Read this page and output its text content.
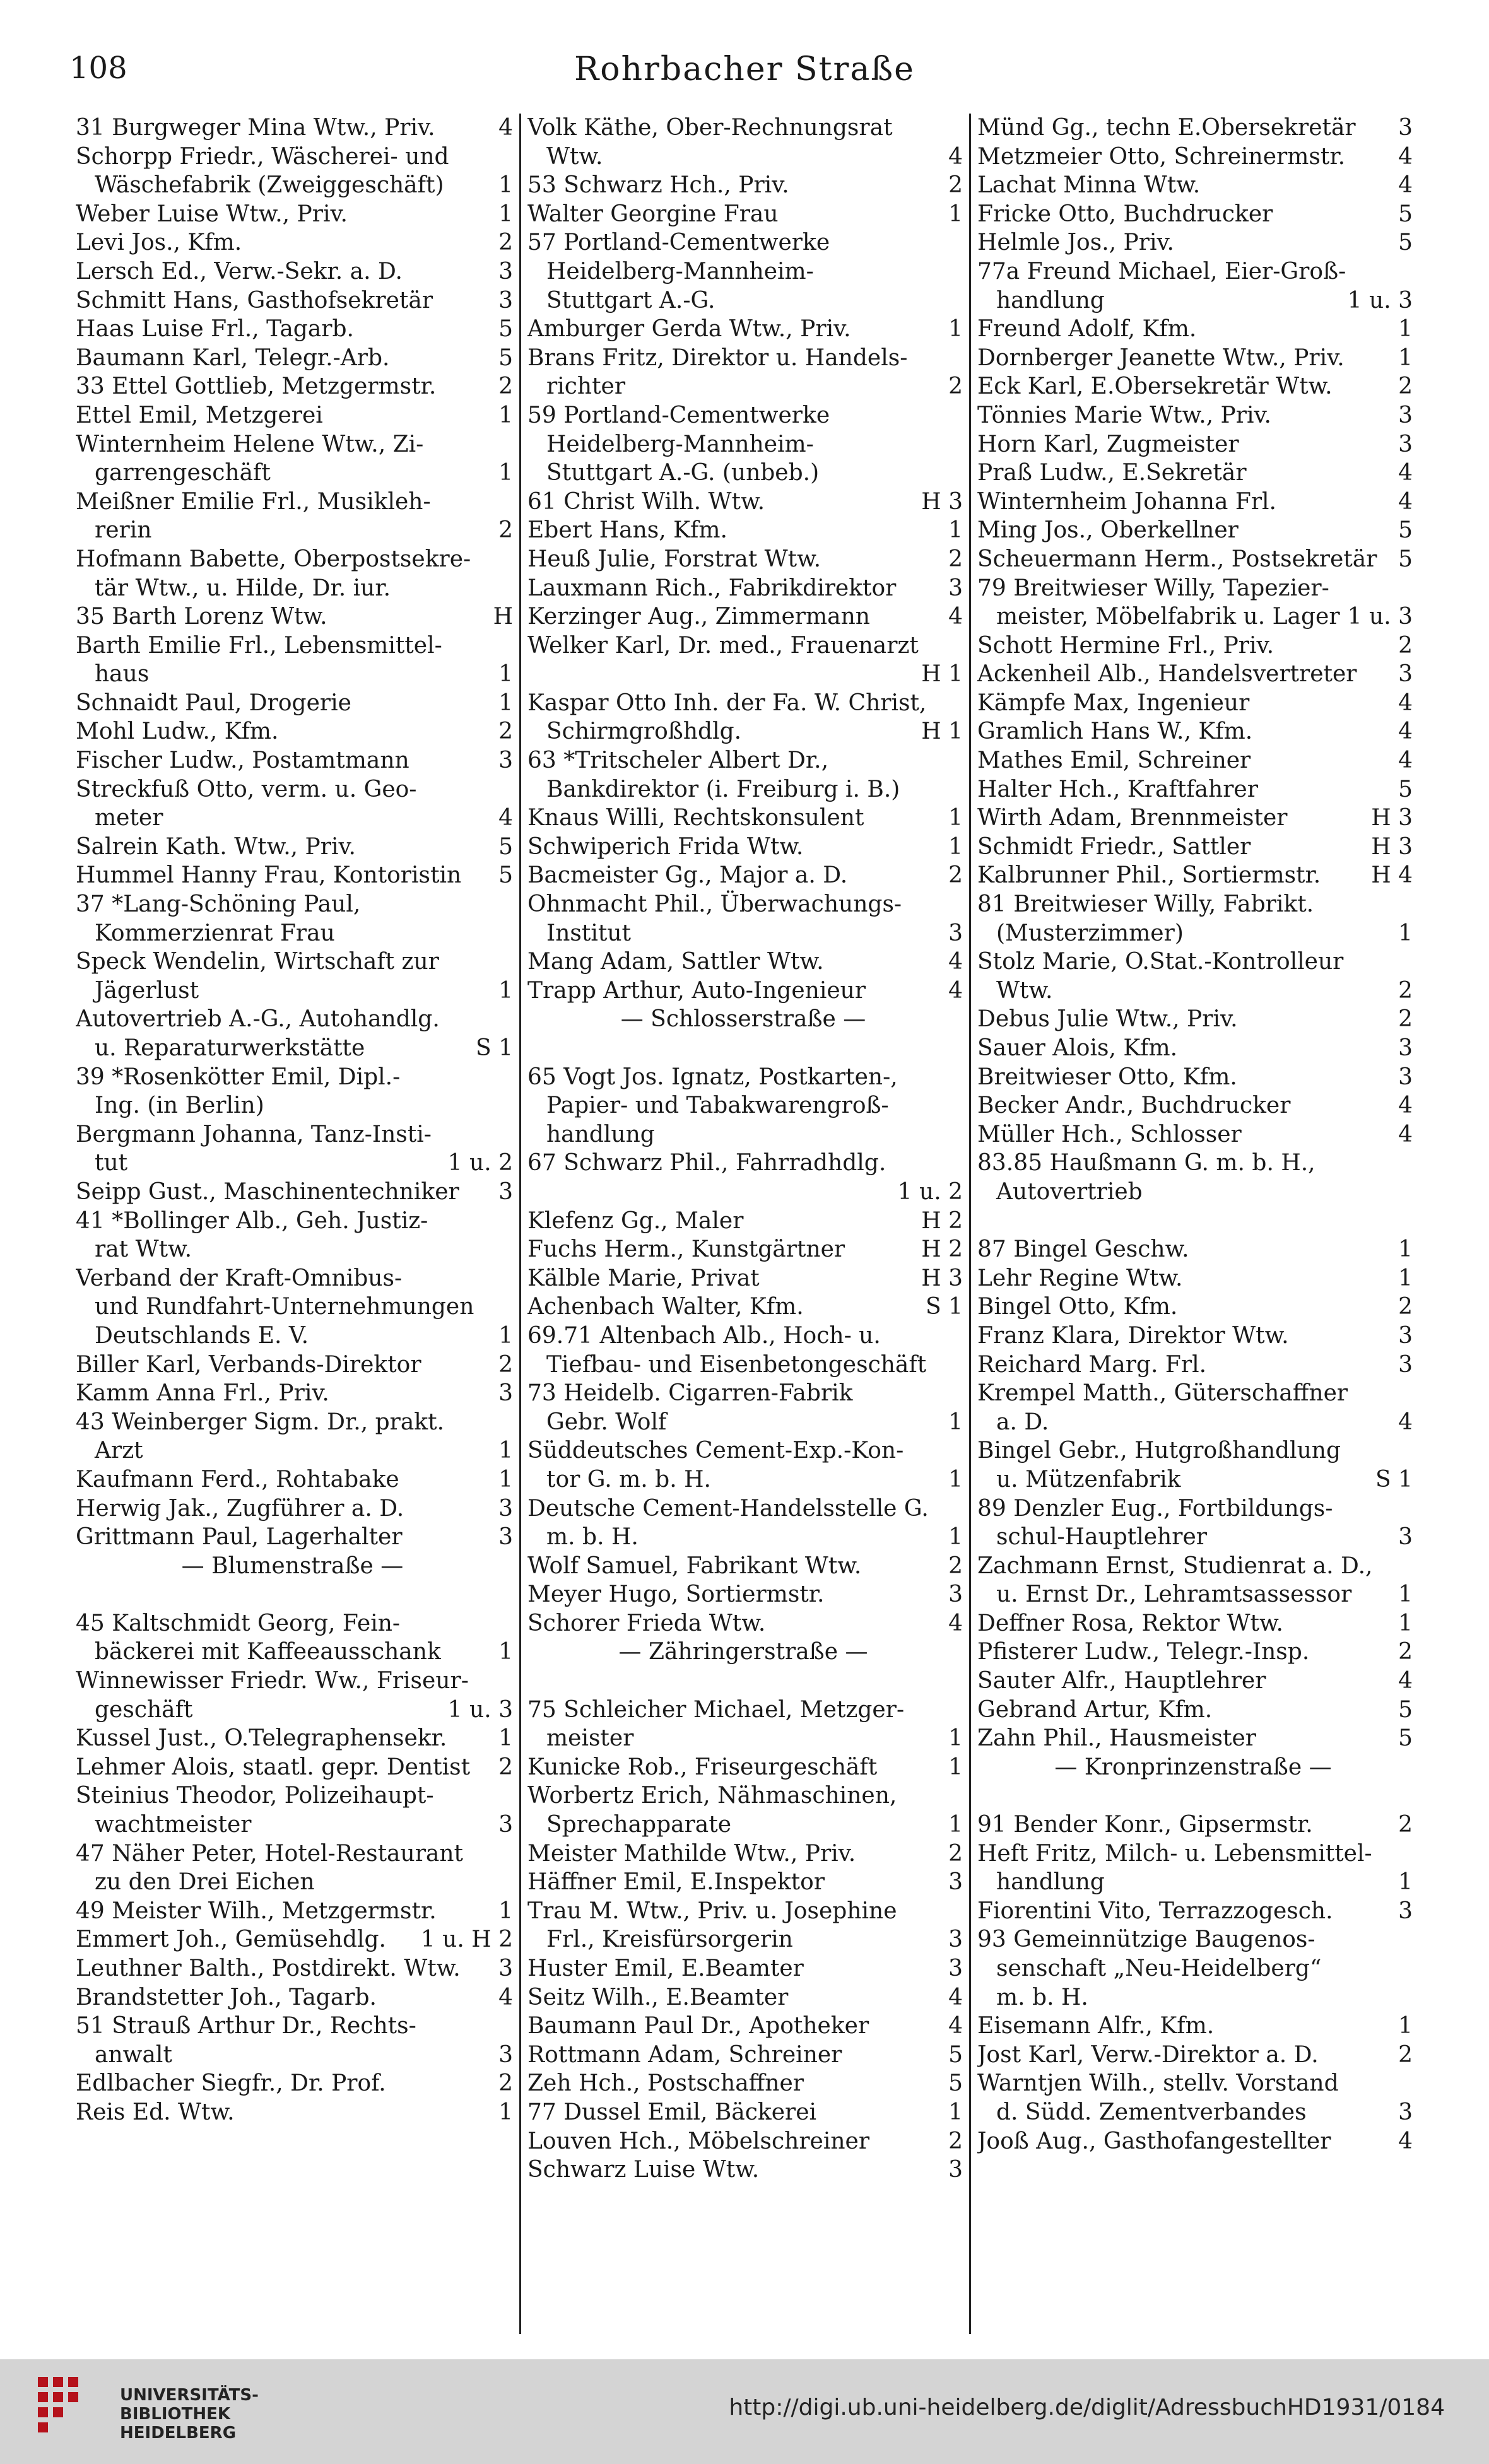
108	Rohrbacher Straße
31 Burgweger Mina Wtw., Priv.	4
Schorpp Friedr., Wäscherei- und
Wäschefabrik (Zweiggeschäft)	1
Weber Luise Wtw., Priv.	1
Levi Jos., Kfm.	2
Lersch Ed., Verw.-Sekr. a. D.	3
Schmitt Hans, Gasthofsekretär	3
Haas Luise Frl., Tagarb.	5
Baumann Karl, Telegr.-Arb.	5
33 Ettel Gottlieb, Metzgermstr.	2
Ettel Emil, Metzgerei	1
Winternheim Helene Wtw., Zi-
garrengeschäft	1
Meißner Emilie Frl., Musikleh-
rerin	2
Hofmann Babette, Oberpostsekre-
tär Wtw., u. Hilde, Dr. iur.
35 Barth Lorenz Wtw.	H
Barth Emilie Frl., Lebensmittel-
haus	1
Schnaidt Paul, Drogerie	1
Mohl Ludw., Kfm.	2
Fischer Ludw., Postamtmann	3
Streckfuß Otto, verm. u. Geo-
meter	4
Salrein Kath. Wtw., Priv.	5
Hummel Hanny Frau, Kontoristin	5
37 *Lang-Schöning Paul,
Kommerzienrat Frau
Speck Wendelin, Wirtschaft zur
Jägerlust	1
Autovertrieb A.-G., Autohandlg.
u. Reparaturwerkstätte	S 1
39 *Rosenkötter Emil, Dipl.-
Ing. (in Berlin)
Bergmann Johanna, Tanz-Insti-
tut	1 u. 2
Seipp Gust., Maschinentechniker	3
41 *Bollinger Alb., Geh. Justiz-
rat Wtw.
Verband der Kraft-Omnibus-
und Rundfahrt-Unternehmungen
Deutschlands E. V.	1
Biller Karl, Verbands-Direktor	2
Kamm Anna Frl., Priv.	3
43 Weinberger Sigm. Dr., prakt.
Arzt	1
Kaufmann Ferd., Rohtabake	1
Herwig Jak., Zugführer a. D.	3
Grittmann Paul, Lagerhalter	3
— Blumenstraße —
45 Kaltschmidt Georg, Fein-
bäckerei mit Kaffeeausschank	1
Winnewisser Friedr. Ww., Friseur-
geschäft	1 u. 3
Kussel Just., O.Telegraphensekr.	1
Lehmer Alois, staatl. gepr. Dentist	2
Steinius Theodor, Polizeihaupt-
wachtmeister	3
47 Näher Peter, Hotel-Restaurant
zu den Drei Eichen
49 Meister Wilh., Metzgermstr.	1
Emmert Joh., Gemüsehdlg.	1 u. H 2
Leuthner Balth., Postdirekt. Wtw.	3
Brandstetter Joh., Tagarb.	4
51 Strauß Arthur Dr., Rechts-
anwalt	3
Edlbacher Siegfr., Dr. Prof.	2
Reis Ed. Wtw.	1
Volk Käthe, Ober-Rechnungsrat
Wtw.	4
53 Schwarz Hch., Priv.	2
Walter Georgine Frau	1
57 Portland-Cementwerke
Heidelberg-Mannheim-
Stuttgart A.-G.
Amburger Gerda Wtw., Priv.	1
Brans Fritz, Direktor u. Handels-
richter	2
59 Portland-Cementwerke
Heidelberg-Mannheim-
Stuttgart A.-G. (unbeb.)
61 Christ Wilh. Wtw.	H 3
Ebert Hans, Kfm.	1
Heuß Julie, Forstrat Wtw.	2
Lauxmann Rich., Fabrikdirektor	3
Kerzinger Aug., Zimmermann	4
Welker Karl, Dr. med., Frauenarzt
H 1
Kaspar Otto Inh. der Fa. W. Christ,
Schirmgroßhdlg.	H 1
63 *Tritscheler Albert Dr.,
Bankdirektor (i. Freiburg i. B.)
Knaus Willi, Rechtskonsulent	1
Schwiperich Frida Wtw.	1
Bacmeister Gg., Major a. D.	2
Ohnmacht Phil., Überwachungs-
Institut	3
Mang Adam, Sattler Wtw.	4
Trapp Arthur, Auto-Ingenieur	4
— Schlosserstraße —
65 Vogt Jos. Ignatz, Postkarten-,
Papier- und Tabakwarengroß-
handlung
67 Schwarz Phil., Fahrradhdlg.
1 u. 2
Klefenz Gg., Maler	H 2
Fuchs Herm., Kunstgärtner	H 2
Kälble Marie, Privat	H 3
Achenbach Walter, Kfm.	S 1
69.71 Altenbach Alb., Hoch- u.
Tiefbau- und Eisenbetongeschäft
73 Heidelb. Cigarren-Fabrik
Gebr. Wolf	1
Süddeutsches Cement-Exp.-Kon-
tor G. m. b. H.	1
Deutsche Cement-Handelsstelle G.
m. b. H.	1
Wolf Samuel, Fabrikant Wtw.	2
Meyer Hugo, Sortiermstr.	3
Schorer Frieda Wtw.	4
— Zähringerstraße —
75 Schleicher Michael, Metzger-
meister	1
Kunicke Rob., Friseurgeschäft	1
Worbertz Erich, Nähmaschinen,
Sprechapparate	1
Meister Mathilde Wtw., Priv.	2
Häffner Emil, E.Inspektor	3
Trau M. Wtw., Priv. u. Josephine
Frl., Kreisfürsorgerin	3
Huster Emil, E.Beamter	3
Seitz Wilh., E.Beamter	4
Baumann Paul Dr., Apotheker	4
Rottmann Adam, Schreiner	5
Zeh Hch., Postschaffner	5
77 Dussel Emil, Bäckerei	1
Louven Hch., Möbelschreiner	2
Schwarz Luise Wtw.	3
Münd Gg., techn E.Obersekretär	3
Metzmeier Otto, Schreinermstr.	4
Lachat Minna Wtw.	4
Fricke Otto, Buchdrucker	5
Helmle Jos., Priv.	5
77a Freund Michael, Eier-Groß-
handlung	1 u. 3
Freund Adolf, Kfm.	1
Dornberger Jeanette Wtw., Priv.	1
Eck Karl, E.Obersekretär Wtw.	2
Tönnies Marie Wtw., Priv.	3
Horn Karl, Zugmeister	3
Praß Ludw., E.Sekretär	4
Winternheim Johanna Frl.	4
Ming Jos., Oberkellner	5
Scheuermann Herm., Postsekretär 5
79 Breitwieser Willy, Tapezier-
meister, Möbelfabrik u. Lager 1 u. 3
Schott Hermine Frl., Priv.	2
Ackenheil Alb., Handelsvertreter	3
Kämpfe Max, Ingenieur	4
Gramlich Hans W., Kfm.	4
Mathes Emil, Schreiner	4
Halter Hch., Kraftfahrer	5
Wirth Adam, Brennmeister	H 3
Schmidt Friedr., Sattler	H 3
Kalbrunner Phil., Sortiermstr.	H 4
81 Breitwieser Willy, Fabrikt.
(Musterzimmer)	1
Stolz Marie, O.Stat.-Kontrolleur
Wtw.	2
Debus Julie Wtw., Priv.	2
Sauer Alois, Kfm.	3
Breitwieser Otto, Kfm.	3
Becker Andr., Buchdrucker	4
Müller Hch., Schlosser	4
83.85 Haußmann G. m. b. H.,
Autovertrieb
87 Bingel Geschw.	1
Lehr Regine Wtw.	1
Bingel Otto, Kfm.	2
Franz Klara, Direktor Wtw.	3
Reichard Marg. Frl.	3
Krempel Matth., Güterschaffner
a. D.	4
Bingel Gebr., Hutgroßhandlung
u. Mützenfabrik	S 1
89 Denzler Eug., Fortbildungs-
schul-Hauptlehrer	3
Zachmann Ernst, Studienrat a. D.,
u. Ernst Dr., Lehramtsassessor	1
Deffner Rosa, Rektor Wtw.	1
Pfisterer Ludw., Telegr.-Insp.	2
Sauter Alfr., Hauptlehrer	4
Gebrand Artur, Kfm.	5
Zahn Phil., Hausmeister	5
— Kronprinzenstraße —
91 Bender Konr., Gipsermstr.	2
Heft Fritz, Milch- u. Lebensmittel-
handlung	1
Fiorentini Vito, Terrazzogesch.	3
93 Gemeinnützige Baugenos-
senschaft „Neu-Heidelberg“
m. b. H.
Eisemann Alfr., Kfm.	1
Jost Karl, Verw.-Direktor a. D.	2
Warntjen Wilh., stellv. Vorstand
d. Südd. Zementverbandes	3
Jooß Aug., Gasthofangestellter	4
UNIVERSITÄTS-
BIBLIOTHEK
HEIDELBERG
http://digi.ub.uni-heidelberg.de/diglit/AdressbuchHD1931/0184
